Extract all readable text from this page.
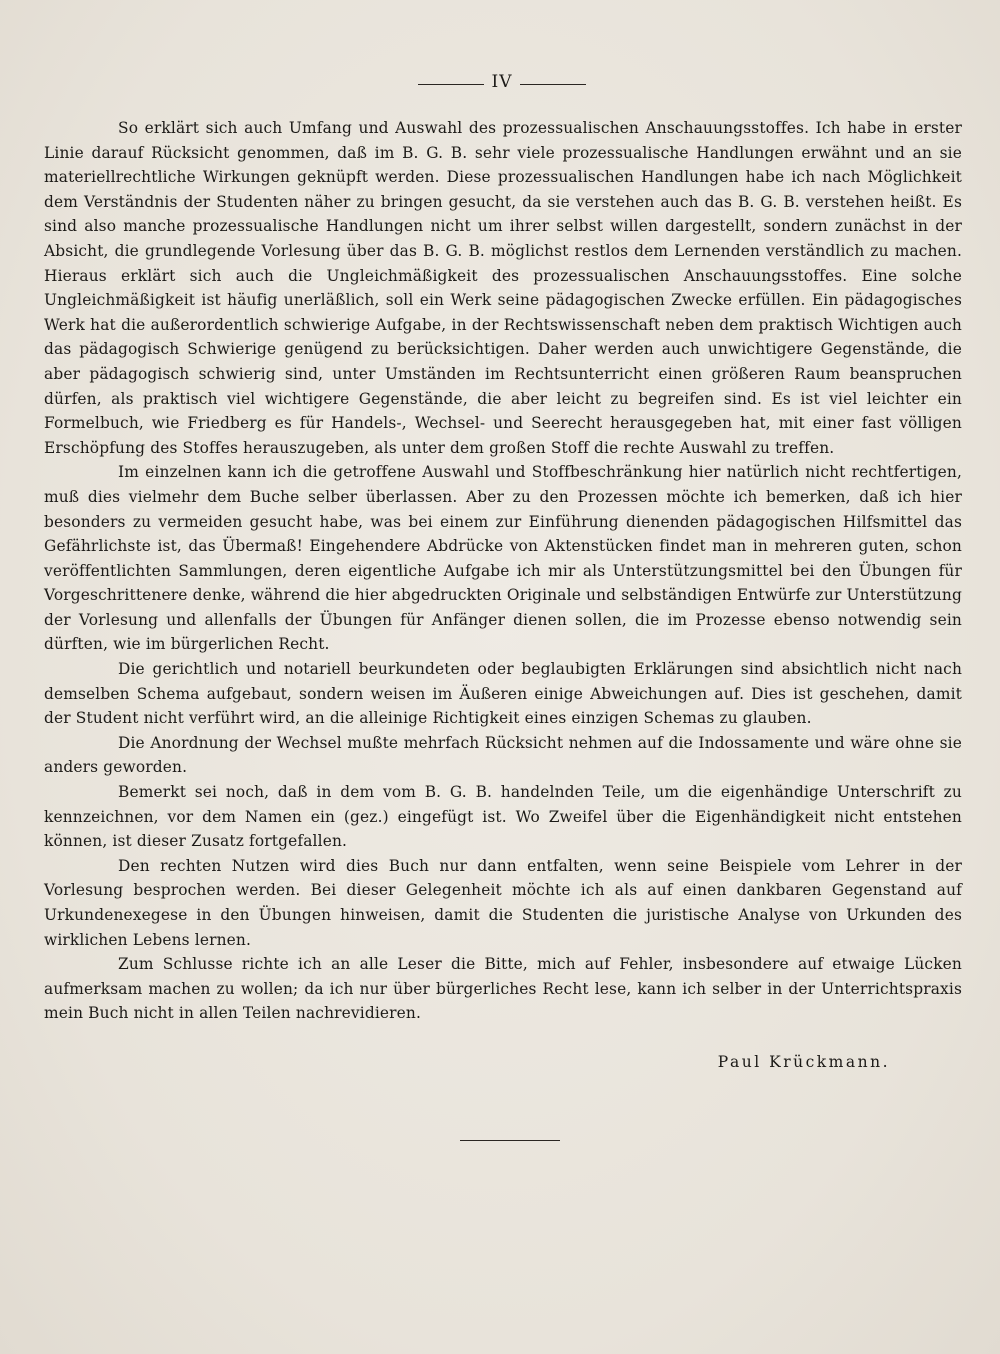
IV

So erklärt sich auch Umfang und Auswahl des prozessualischen Anschauungsstoffes. Ich habe in erster Linie darauf Rücksicht genommen, daß im B. G. B. sehr viele prozessualische Handlungen erwähnt und an sie materiellrechtliche Wirkungen geknüpft werden. Diese prozessualischen Handlungen habe ich nach Möglichkeit dem Verständnis der Studenten näher zu bringen gesucht, da sie verstehen auch das B. G. B. verstehen heißt. Es sind also manche prozessualische Handlungen nicht um ihrer selbst willen dargestellt, sondern zunächst in der Absicht, die grundlegende Vorlesung über das B. G. B. möglichst restlos dem Lernenden verständlich zu machen. Hieraus erklärt sich auch die Ungleichmäßigkeit des prozessualischen Anschauungsstoffes. Eine solche Ungleichmäßigkeit ist häufig unerläßlich, soll ein Werk seine pädagogischen Zwecke erfüllen. Ein pädagogisches Werk hat die außerordentlich schwierige Aufgabe, in der Rechtswissenschaft neben dem praktisch Wichtigen auch das pädagogisch Schwierige genügend zu berücksichtigen. Daher werden auch unwichtigere Gegenstände, die aber pädagogisch schwierig sind, unter Umständen im Rechtsunterricht einen größeren Raum beanspruchen dürfen, als praktisch viel wichtigere Gegenstände, die aber leicht zu begreifen sind. Es ist viel leichter ein Formelbuch, wie Friedberg es für Handels-, Wechsel- und Seerecht herausgegeben hat, mit einer fast völligen Erschöpfung des Stoffes herauszugeben, als unter dem großen Stoff die rechte Auswahl zu treffen.

Im einzelnen kann ich die getroffene Auswahl und Stoffbeschränkung hier natürlich nicht rechtfertigen, muß dies vielmehr dem Buche selber überlassen. Aber zu den Prozessen möchte ich bemerken, daß ich hier besonders zu vermeiden gesucht habe, was bei einem zur Einführung dienenden pädagogischen Hilfsmittel das Gefährlichste ist, das Übermaß! Eingehendere Abdrücke von Aktenstücken findet man in mehreren guten, schon veröffentlichten Sammlungen, deren eigentliche Aufgabe ich mir als Unterstützungsmittel bei den Übungen für Vorgeschrittenere denke, während die hier abgedruckten Originale und selbständigen Entwürfe zur Unterstützung der Vorlesung und allenfalls der Übungen für Anfänger dienen sollen, die im Prozesse ebenso notwendig sein dürften, wie im bürgerlichen Recht.

Die gerichtlich und notariell beurkundeten oder beglaubigten Erklärungen sind absichtlich nicht nach demselben Schema aufgebaut, sondern weisen im Äußeren einige Abweichungen auf. Dies ist geschehen, damit der Student nicht verführt wird, an die alleinige Richtigkeit eines einzigen Schemas zu glauben.

Die Anordnung der Wechsel mußte mehrfach Rücksicht nehmen auf die Indossamente und wäre ohne sie anders geworden.

Bemerkt sei noch, daß in dem vom B. G. B. handelnden Teile, um die eigenhändige Unterschrift zu kennzeichnen, vor dem Namen ein (gez.) eingefügt ist. Wo Zweifel über die Eigenhändigkeit nicht entstehen können, ist dieser Zusatz fortgefallen.

Den rechten Nutzen wird dies Buch nur dann entfalten, wenn seine Beispiele vom Lehrer in der Vorlesung besprochen werden. Bei dieser Gelegenheit möchte ich als auf einen dankbaren Gegenstand auf Urkundenexegese in den Übungen hinweisen, damit die Studenten die juristische Analyse von Urkunden des wirklichen Lebens lernen.

Zum Schlusse richte ich an alle Leser die Bitte, mich auf Fehler, insbesondere auf etwaige Lücken aufmerksam machen zu wollen; da ich nur über bürgerliches Recht lese, kann ich selber in der Unterrichtspraxis mein Buch nicht in allen Teilen nachrevidieren.

Paul Krückmann.
